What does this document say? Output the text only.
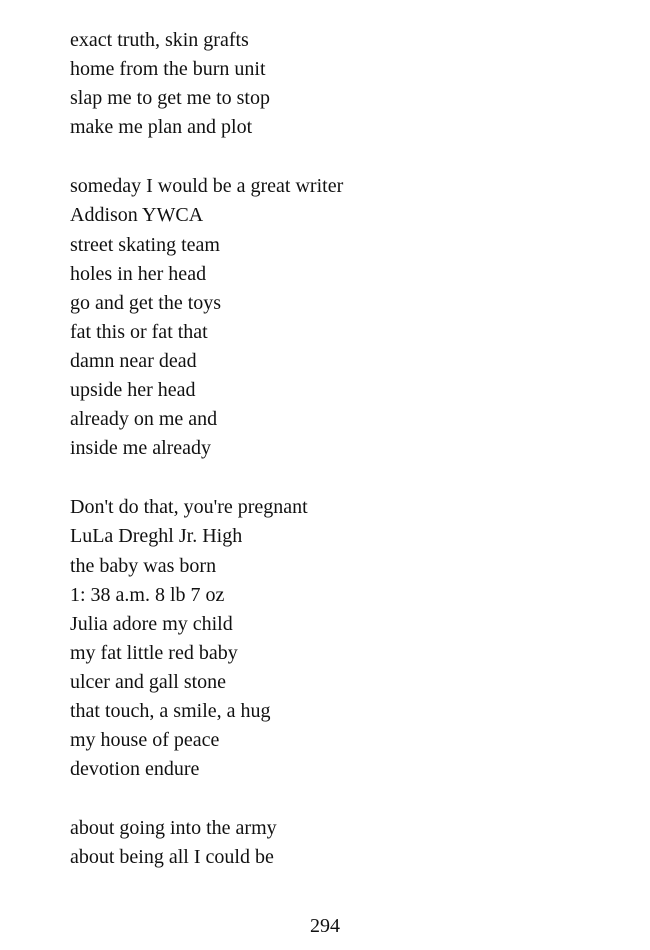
exact truth, skin grafts
home from the burn unit
slap me to get me to stop
make me plan and plot
someday I would be a great writer
Addison YWCA
street skating team
holes in her head
go and get the toys
fat this or fat that
damn near dead
upside her head
already on me and
inside me already
Don't do that, you're pregnant
LuLa Dreghl Jr. High
the baby was born
1: 38 a.m. 8 lb 7 oz
Julia adore my child
my fat little red baby
ulcer and gall stone
that touch, a smile, a hug
my house of peace
devotion endure
about going into the army
about being all I could be
294
